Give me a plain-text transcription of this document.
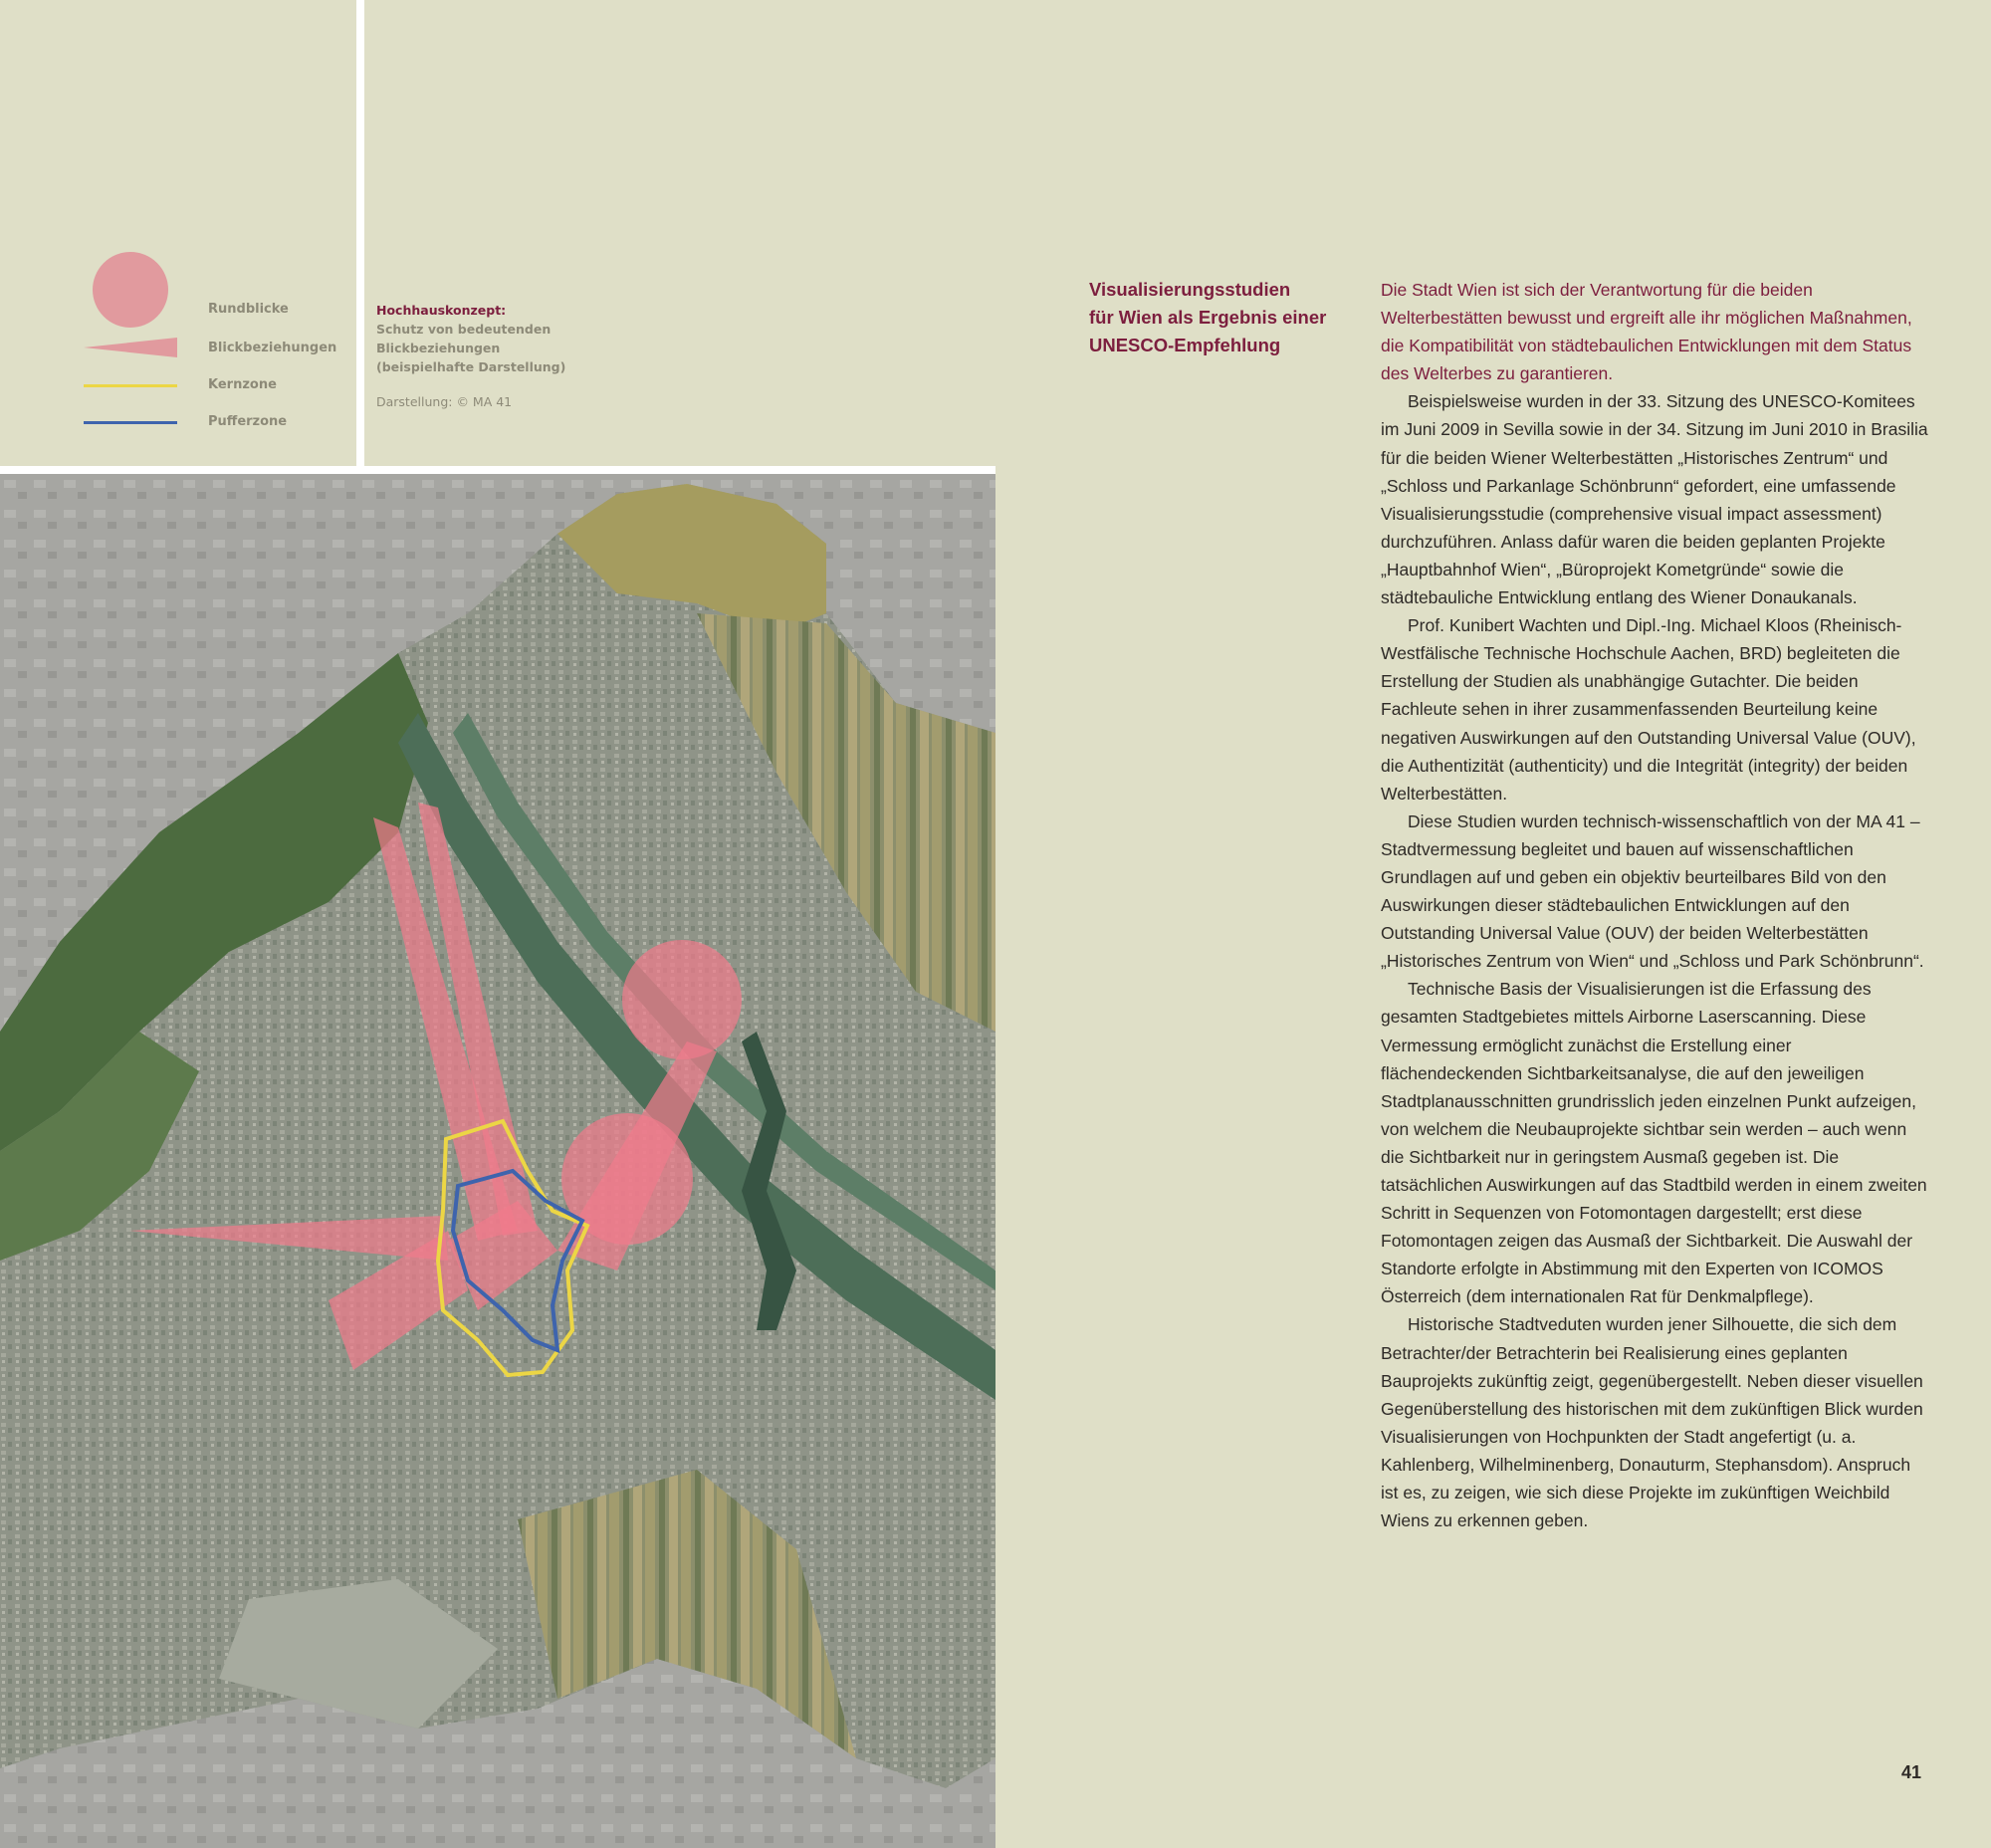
Rundblicke
Blickbeziehungen
Kernzone
Pufferzone
Hochhauskonzept:
Schutz von bedeutenden
Blickbeziehungen
(beispielhafte Darstellung)
Darstellung: © MA 41
Visualisierungsstudien
für Wien als Ergebnis einer
UNESCO-Empfehlung

Die Stadt Wien ist sich der Verantwortung für die beiden Welterbestätten bewusst und ergreift alle ihr möglichen Maßnahmen, die Kompatibilität von städtebaulichen Entwicklungen mit dem Status des Welterbes zu garantieren.

Beispielsweise wurden in der 33. Sitzung des UNESCO-Komitees im Juni 2009 in Sevilla sowie in der 34. Sitzung im Juni 2010 in Brasilia für die beiden Wiener Welterbestätten „Historisches Zentrum“ und „Schloss und Parkanlage Schönbrunn“ gefordert, eine umfassende Visualisierungsstudie (comprehensive visual impact assessment) durchzuführen. Anlass dafür waren die beiden geplanten Projekte „Hauptbahnhof Wien“, „Büroprojekt Kometgründe“ sowie die städtebauliche Entwicklung entlang des Wiener Donaukanals.

Prof. Kunibert Wachten und Dipl.-Ing. Michael Kloos (Rheinisch-Westfälische Technische Hochschule Aachen, BRD) begleiteten die Erstellung der Studien als unabhängige Gutachter. Die beiden Fachleute sehen in ihrer zusammenfassenden Beurteilung keine negativen Auswirkungen auf den Outstanding Universal Value (OUV), die Authentizität (authenticity) und die Integrität (integrity) der beiden Welterbestätten.

Diese Studien wurden technisch-wissenschaftlich von der MA 41 – Stadtvermessung begleitet und bauen auf wissenschaftlichen Grundlagen auf und geben ein objektiv beurteilbares Bild von den Auswirkungen dieser städtebaulichen Entwicklungen auf den Outstanding Universal Value (OUV) der beiden Welterbestätten „Historisches Zentrum von Wien“ und „Schloss und Park Schönbrunn“.

Technische Basis der Visualisierungen ist die Erfassung des gesamten Stadtgebietes mittels Airborne Laserscanning. Diese Vermessung ermöglicht zunächst die Erstellung einer flächendeckenden Sichtbarkeitsanalyse, die auf den jeweiligen Stadtplanausschnitten grundrisslich jeden einzelnen Punkt aufzeigen, von welchem die Neubauprojekte sichtbar sein werden – auch wenn die Sichtbarkeit nur in geringstem Ausmaß gegeben ist. Die tatsächlichen Auswirkungen auf das Stadtbild werden in einem zweiten Schritt in Sequenzen von Fotomontagen dargestellt; erst diese Fotomontagen zeigen das Ausmaß der Sichtbarkeit. Die Auswahl der Standorte erfolgte in Abstimmung mit den Experten von ICOMOS Österreich (dem internationalen Rat für Denkmalpflege).

Historische Stadtveduten wurden jener Silhouette, die sich dem Betrachter/der Betrachterin bei Realisierung eines geplanten Bauprojekts zukünftig zeigt, gegenübergestellt. Neben dieser visuellen Gegenüberstellung des historischen mit dem zukünftigen Blick wurden Visualisierungen von Hochpunkten der Stadt angefertigt (u. a. Kahlenberg, Wilhelminenberg, Donauturm, Stephansdom). Anspruch ist es, zu zeigen, wie sich diese Projekte im zukünftigen Weichbild Wiens zu erkennen geben.

41
